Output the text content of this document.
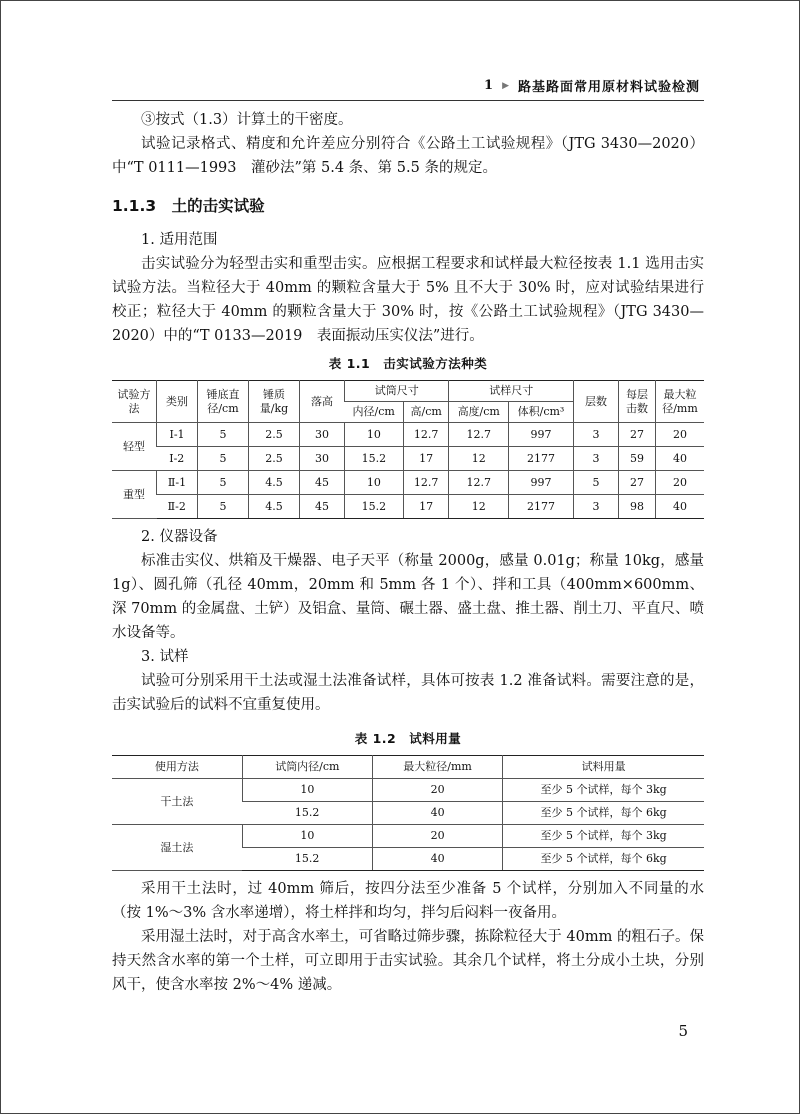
1 ▶ 路基路面常用原材料试验检测

③按式（1.3）计算土的干密度。

试验记录格式、精度和允许差应分别符合《公路土工试验规程》（JTG 3430—2020）中“T 0111—1993　灌砂法”第 5.4 条、第 5.5 条的规定。

1.1.3　土的击实试验

1. 适用范围

击实试验分为轻型击实和重型击实。应根据工程要求和试样最大粒径按表 1.1 选用击实试验方法。当粒径大于 40mm 的颗粒含量大于 5% 且不大于 30% 时，应对试验结果进行校正；粒径大于 40mm 的颗粒含量大于 30% 时，按《公路土工试验规程》（JTG 3430—2020）中的“T 0133—2019　表面振动压实仪法”进行。

表 1.1　击实试验方法种类
试验方法	类别	锤底直径/cm	锤质量/kg	落高	试筒尺寸		试样尺寸		层数	每层击数	最大粒径/mm
					内径/cm	高/cm	高度/cm	体积/cm³			
轻型	Ⅰ-1	5	2.5	30	10	12.7	12.7	997	3	27	20
	Ⅰ-2	5	2.5	30	15.2	17	12	2177	3	59	40
重型	Ⅱ-1	5	4.5	45	10	12.7	12.7	997	5	27	20
	Ⅱ-2	5	4.5	45	15.2	17	12	2177	3	98	40

2. 仪器设备

标准击实仪、烘箱及干燥器、电子天平（称量 2000g，感量 0.01g；称量 10kg，感量 1g）、圆孔筛（孔径 40mm，20mm 和 5mm 各 1 个）、拌和工具（400mm×600mm、深 70mm 的金属盘、土铲）及铝盒、量筒、碾土器、盛土盘、推土器、削土刀、平直尺、喷水设备等。

3. 试样

试验可分别采用干土法或湿土法准备试样，具体可按表 1.2 准备试料。需要注意的是，击实试验后的试料不宜重复使用。

表 1.2　试料用量
使用方法	试筒内径/cm	最大粒径/mm	试料用量
干土法	10	20	至少 5 个试样，每个 3kg
	15.2	40	至少 5 个试样，每个 6kg
湿土法	10	20	至少 5 个试样，每个 3kg
	15.2	40	至少 5 个试样，每个 6kg

采用干土法时，过 40mm 筛后，按四分法至少准备 5 个试样，分别加入不同量的水（按 1%～3% 含水率递增），将土样拌和均匀，拌匀后闷料一夜备用。

采用湿土法时，对于高含水率土，可省略过筛步骤，拣除粒径大于 40mm 的粗石子。保持天然含水率的第一个土样，可立即用于击实试验。其余几个试样，将土分成小土块，分别风干，使含水率按 2%～4% 递减。

5
